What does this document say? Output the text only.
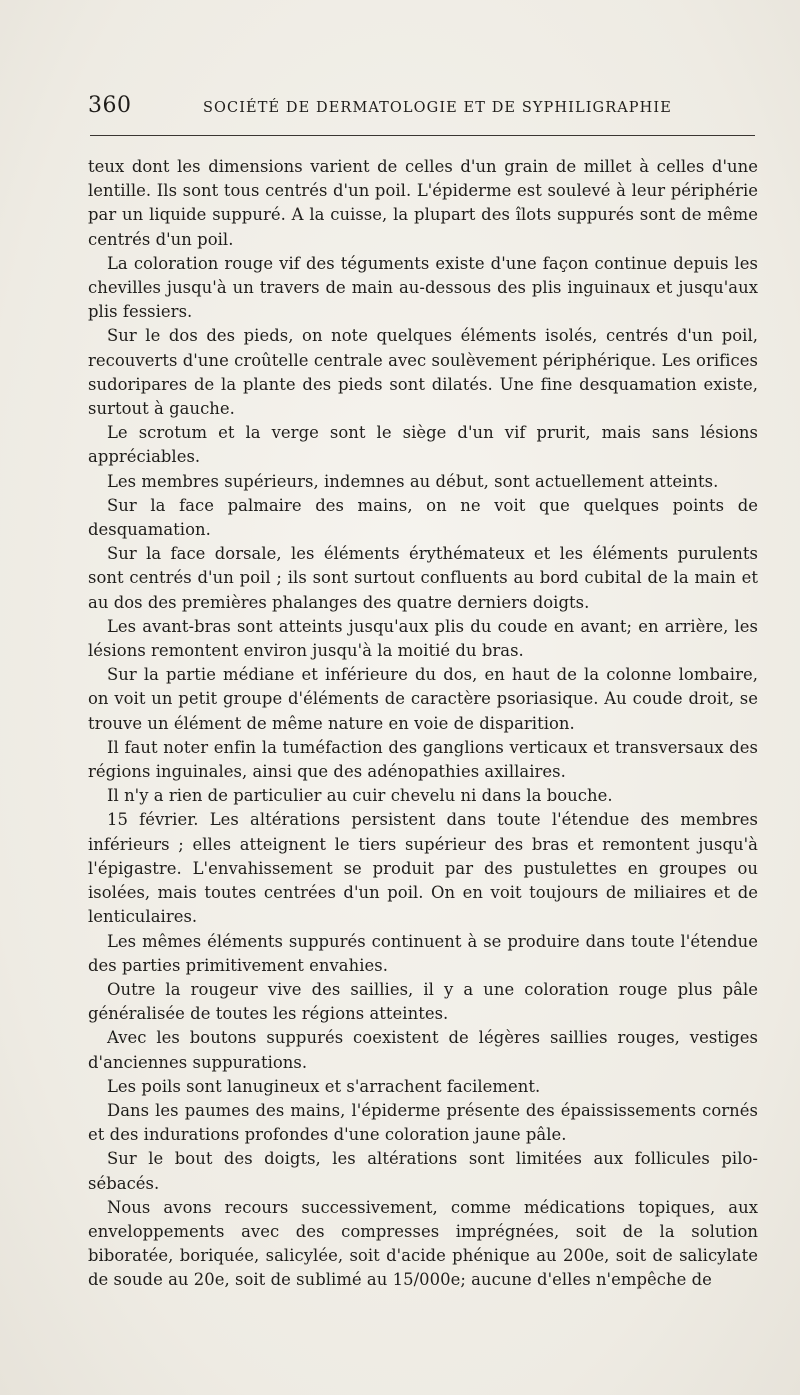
360	SOCIÉTÉ DE DERMATOLOGIE ET DE SYPHILIGRAPHIE

teux dont les dimensions varient de celles d'un grain de millet à celles d'une lentille. Ils sont tous centrés d'un poil. L'épiderme est soulevé à leur périphérie par un liquide suppuré. A la cuisse, la plupart des îlots suppurés sont de même centrés d'un poil.

La coloration rouge vif des téguments existe d'une façon continue depuis les chevilles jusqu'à un travers de main au-dessous des plis inguinaux et jusqu'aux plis fessiers.

Sur le dos des pieds, on note quelques éléments isolés, centrés d'un poil, recouverts d'une croûtelle centrale avec soulèvement périphérique. Les orifices sudoripares de la plante des pieds sont dilatés. Une fine desquamation existe, surtout à gauche.

Le scrotum et la verge sont le siège d'un vif prurit, mais sans lésions appréciables.

Les membres supérieurs, indemnes au début, sont actuellement atteints.

Sur la face palmaire des mains, on ne voit que quelques points de desquamation.

Sur la face dorsale, les éléments érythémateux et les éléments purulents sont centrés d'un poil ; ils sont surtout confluents au bord cubital de la main et au dos des premières phalanges des quatre derniers doigts.

Les avant-bras sont atteints jusqu'aux plis du coude en avant; en arrière, les lésions remontent environ jusqu'à la moitié du bras.

Sur la partie médiane et inférieure du dos, en haut de la colonne lombaire, on voit un petit groupe d'éléments de caractère psoriasique. Au coude droit, se trouve un élément de même nature en voie de disparition.

Il faut noter enfin la tuméfaction des ganglions verticaux et transversaux des régions inguinales, ainsi que des adénopathies axillaires.

Il n'y a rien de particulier au cuir chevelu ni dans la bouche.

15 février. Les altérations persistent dans toute l'étendue des membres inférieurs ; elles atteignent le tiers supérieur des bras et remontent jusqu'à l'épigastre. L'envahissement se produit par des pustulettes en groupes ou isolées, mais toutes centrées d'un poil. On en voit toujours de miliaires et de lenticulaires.

Les mêmes éléments suppurés continuent à se produire dans toute l'étendue des parties primitivement envahies.

Outre la rougeur vive des saillies, il y a une coloration rouge plus pâle généralisée de toutes les régions atteintes.

Avec les boutons suppurés coexistent de légères saillies rouges, vestiges d'anciennes suppurations.

Les poils sont lanugineux et s'arrachent facilement.

Dans les paumes des mains, l'épiderme présente des épaississements cornés et des indurations profondes d'une coloration jaune pâle.

Sur le bout des doigts, les altérations sont limitées aux follicules pilo-sébacés.

Nous avons recours successivement, comme médications topiques, aux enveloppements avec des compresses imprégnées, soit de la solution biboratée, boriquée, salicylée, soit d'acide phénique au 200e, soit de salicylate de soude au 20e, soit de sublimé au 15/000e; aucune d'elles n'empêche de
